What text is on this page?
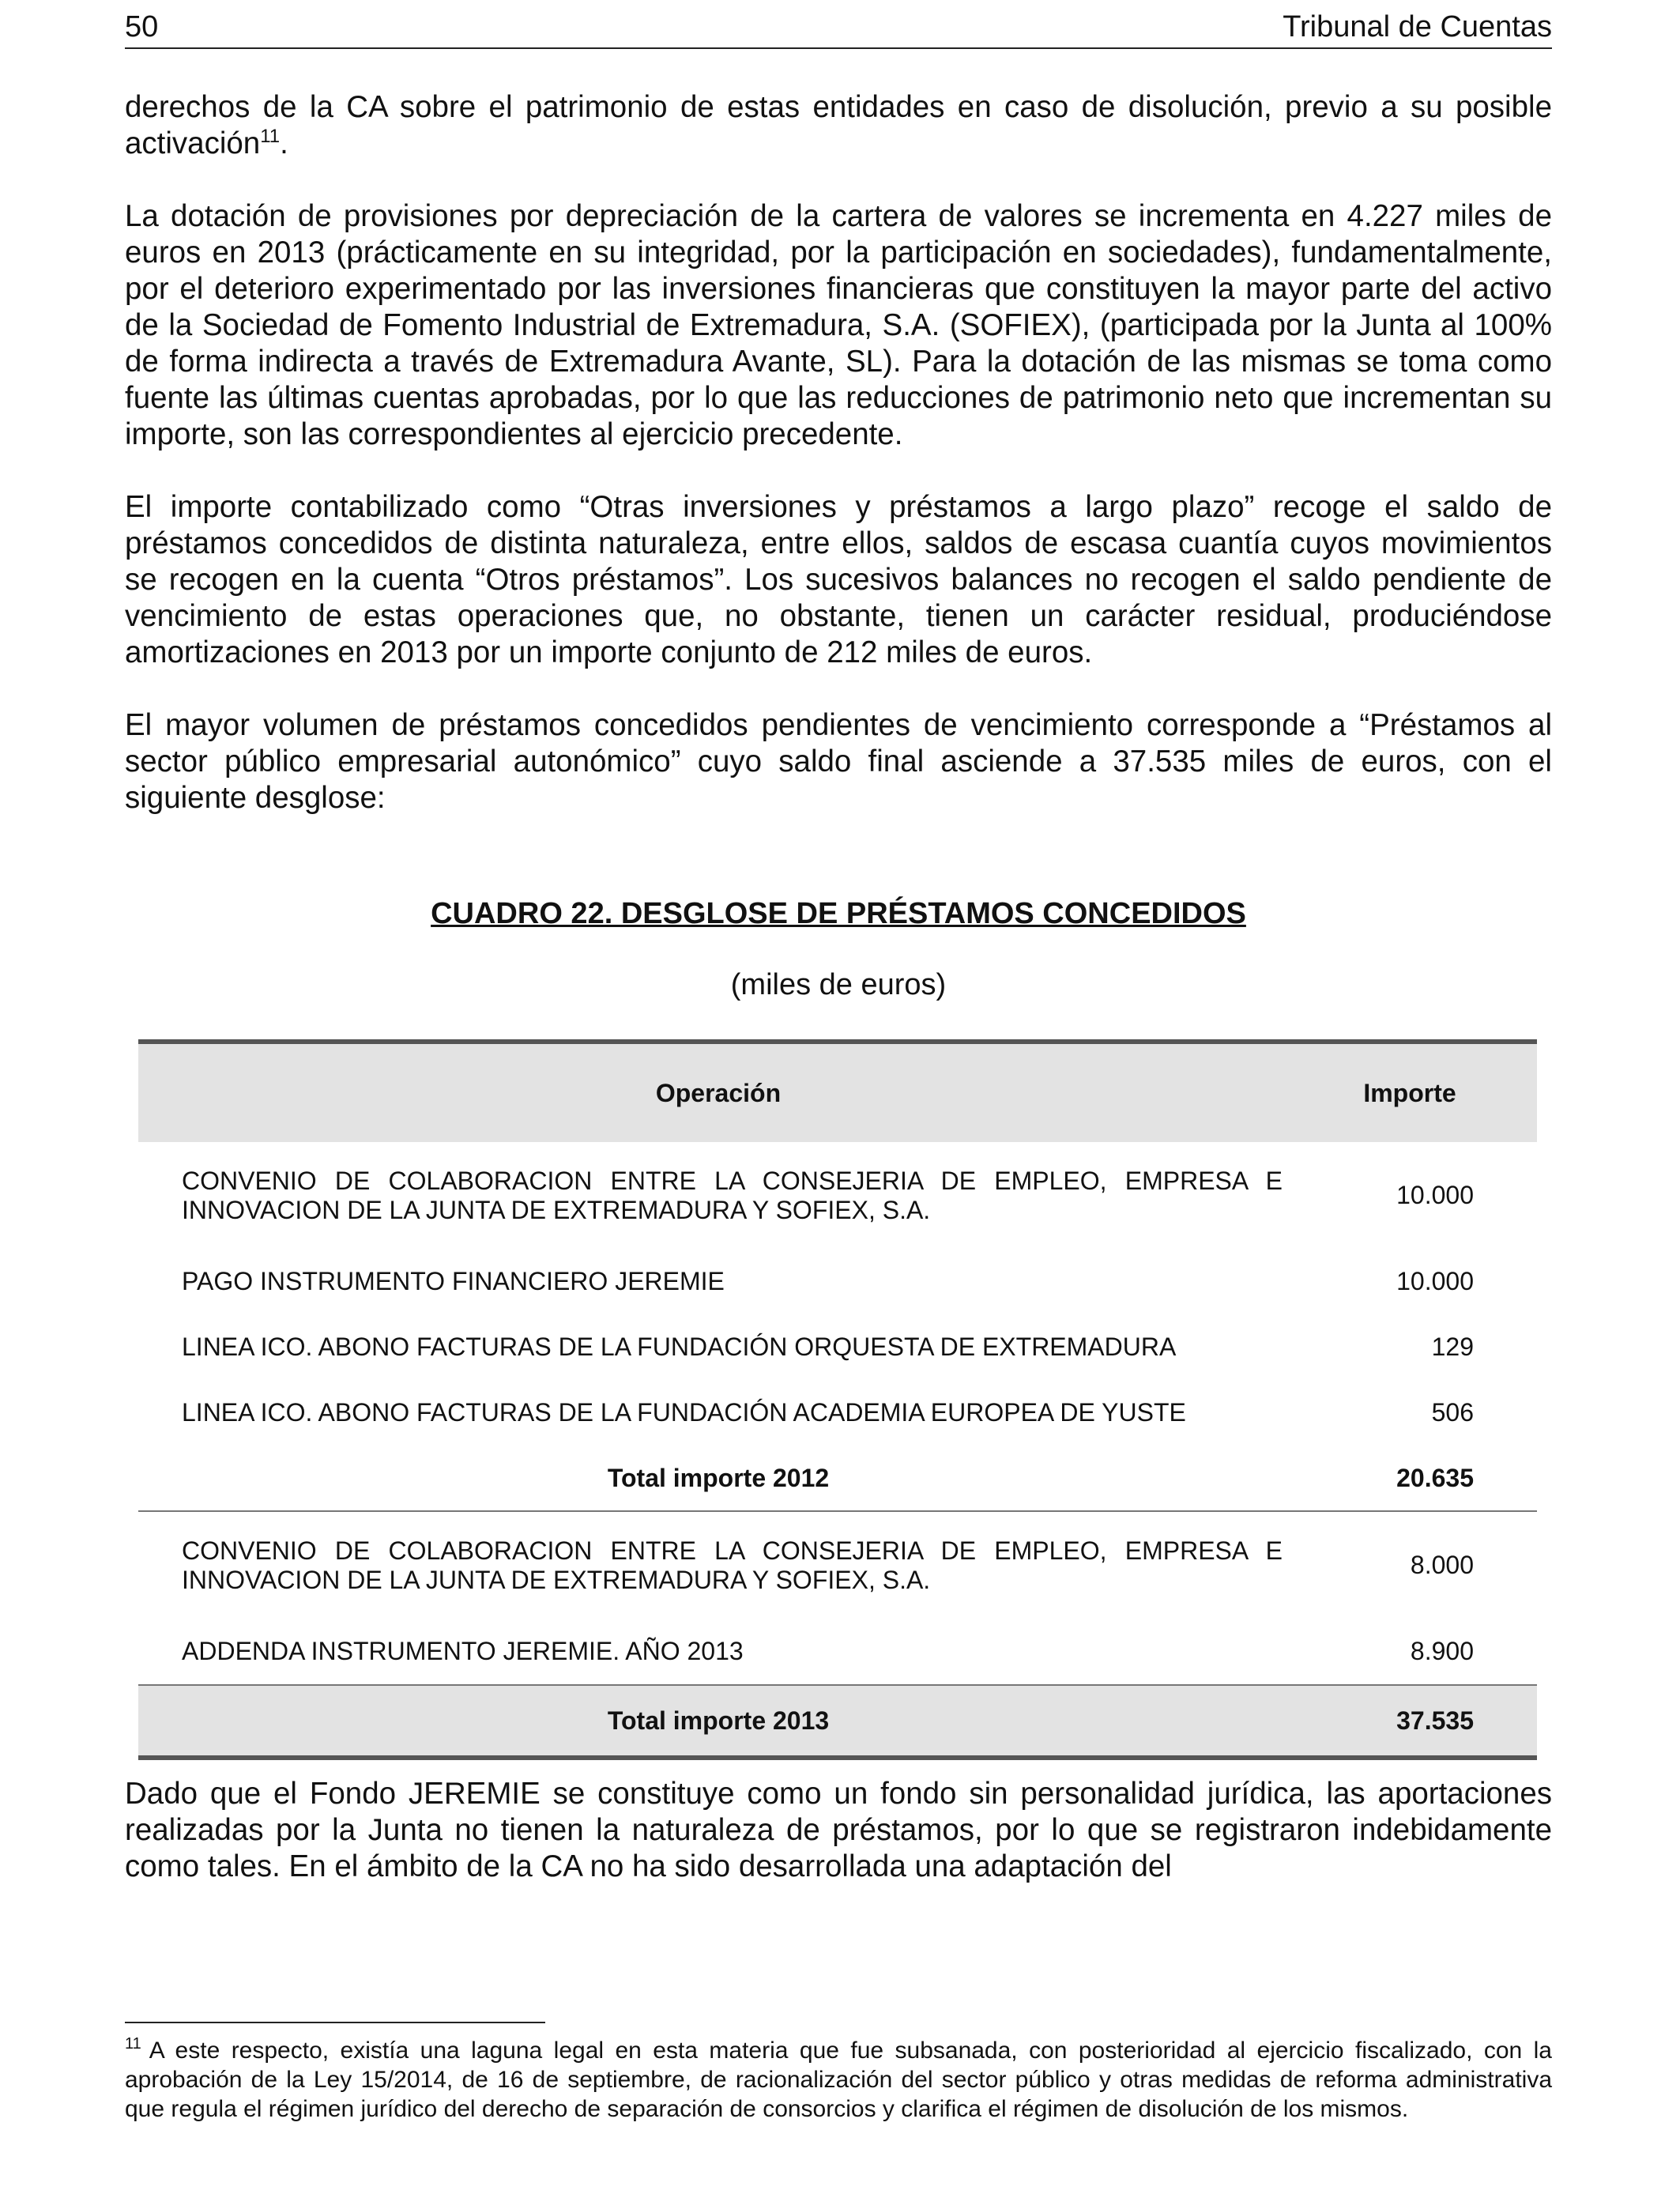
50	Tribunal de Cuentas

derechos de la CA sobre el patrimonio de estas entidades en caso de disolución, previo a su posible activación$^{11}$.

La dotación de provisiones por depreciación de la cartera de valores se incrementa en 4.227 miles de euros en 2013 (prácticamente en su integridad, por la participación en sociedades), fundamentalmente, por el deterioro experimentado por las inversiones financieras que constituyen la mayor parte del activo de la Sociedad de Fomento Industrial de Extremadura, S.A. (SOFIEX), (participada por la Junta al 100% de forma indirecta a través de Extremadura Avante, SL). Para la dotación de las mismas se toma como fuente las últimas cuentas aprobadas, por lo que las reducciones de patrimonio neto que incrementan su importe, son las correspondientes al ejercicio precedente.

El importe contabilizado como “Otras inversiones y préstamos a largo plazo” recoge el saldo de préstamos concedidos de distinta naturaleza, entre ellos, saldos de escasa cuantía cuyos movimientos se recogen en la cuenta “Otros préstamos”. Los sucesivos balances no recogen el saldo pendiente de vencimiento de estas operaciones que, no obstante, tienen un carácter residual, produciéndose amortizaciones en 2013 por un importe conjunto de 212 miles de euros.

El mayor volumen de préstamos concedidos pendientes de vencimiento corresponde a “Préstamos al sector público empresarial autonómico” cuyo saldo final asciende a 37.535 miles de euros, con el siguiente desglose:

CUADRO 22. DESGLOSE DE PRÉSTAMOS CONCEDIDOS
(miles de euros)
Operación	Importe
CONVENIO DE COLABORACION ENTRE LA CONSEJERIA DE EMPLEO, EMPRESA E INNOVACION DE LA JUNTA DE EXTREMADURA Y SOFIEX, S.A.	10.000
PAGO INSTRUMENTO FINANCIERO JEREMIE	10.000
LINEA ICO. ABONO FACTURAS DE LA FUNDACIÓN ORQUESTA DE EXTREMADURA	129
LINEA ICO. ABONO FACTURAS DE LA FUNDACIÓN ACADEMIA EUROPEA DE YUSTE	506
Total importe 2012	20.635
CONVENIO DE COLABORACION ENTRE LA CONSEJERIA DE EMPLEO, EMPRESA E INNOVACION DE LA JUNTA DE EXTREMADURA Y SOFIEX, S.A.	8.000
ADDENDA INSTRUMENTO JEREMIE. AÑO 2013	8.900
Total importe 2013	37.535
Dado que el Fondo JEREMIE se constituye como un fondo sin personalidad jurídica, las aportaciones realizadas por la Junta no tienen la naturaleza de préstamos, por lo que se registraron indebidamente como tales. En el ámbito de la CA no ha sido desarrollada una adaptación del
$^{11}$ A este respecto, existía una laguna legal en esta materia que fue subsanada, con posterioridad al ejercicio fiscalizado, con la aprobación de la Ley 15/2014, de 16 de septiembre, de racionalización del sector público y otras medidas de reforma administrativa que regula el régimen jurídico del derecho de separación de consorcios y clarifica el régimen de disolución de los mismos.
